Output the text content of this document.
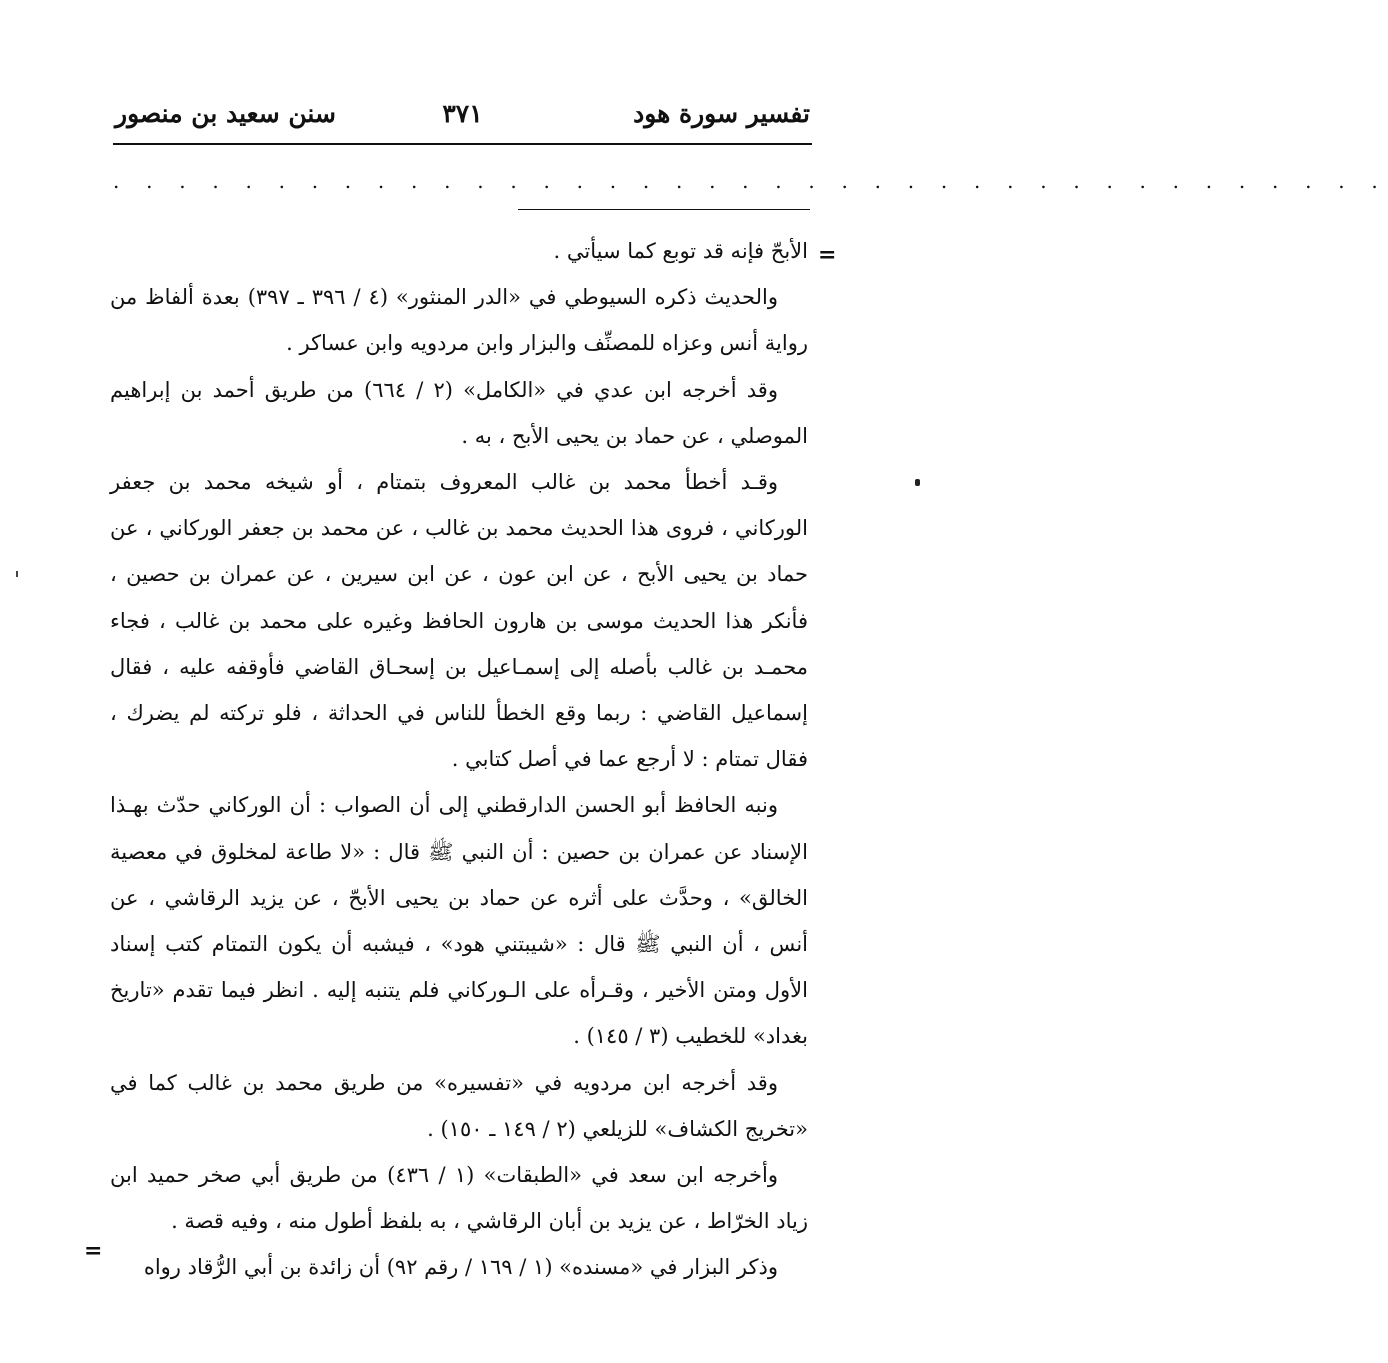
تفسير سورة هود
٣٧١
سنن سعيد بن منصور
. . . . . . . . . . . . . . . . . . . . . . . . . . . . . . . . . . . . . . .
=

الأبحّ فإنه قد توبع كما سيأتي .

والحديث ذكره السيوطي في «الدر المنثور» (٤ / ٣٩٦ ـ ٣٩٧) بعدة ألفاظ من رواية أنس وعزاه للمصنِّف والبزار وابن مردويه وابن عساكر .

وقد أخرجه ابن عدي في «الكامل» (٢ / ٦٦٤) من طريق أحمد بن إبراهيم الموصلي ، عن حماد بن يحيى الأبح ، به .

وقـد أخطأ محمد بن غالب المعروف بتمتام ، أو شيخه محمد بن جعفر الوركاني ، فروى هذا الحديث محمد بن غالب ، عن محمد بن جعفر الوركاني ، عن حماد بن يحيى الأبح ، عن ابن عون ، عن ابن سيرين ، عن عمران بن حصين ، فأنكر هذا الحديث موسى بن هارون الحافظ وغيره على محمد بن غالب ، فجاء محمـد بن غالب بأصله إلى إسمـاعيل بن إسحـاق القاضي فأوقفه عليه ، فقال إسماعيل القاضي : ربما وقع الخطأ للناس في الحداثة ، فلو تركته لم يضرك ، فقال تمتام : لا أرجع عما في أصل كتابي .

ونبه الحافظ أبو الحسن الدارقطني إلى أن الصواب : أن الوركاني حدّث بهـذا الإسناد عن عمران بن حصين : أن النبي ﷺ قال : «لا طاعة لمخلوق في معصية الخالق» ، وحدَّث على أثره عن حماد بن يحيى الأبحّ ، عن يزيد الرقاشي ، عن أنس ، أن النبي ﷺ قال : «شيبتني هود» ، فيشبه أن يكون التمتام كتب إسناد الأول ومتن الأخير ، وقـرأه على الـوركاني فلم يتنبه إليه . انظر فيما تقدم «تاريخ بغداد» للخطيب (٣ / ١٤٥) .

وقد أخرجه ابن مردويه في «تفسيره» من طريق محمد بن غالب كما في «تخريج الكشاف» للزيلعي (٢ / ١٤٩ ـ ١٥٠) .

وأخرجه ابن سعد في «الطبقات» (١ / ٤٣٦) من طريق أبي صخر حميد ابن زياد الخرّاط ، عن يزيد بن أبان الرقاشي ، به بلفظ أطول منه ، وفيه قصة .

وذكر البزار في «مسنده» (١ / ١٦٩ / رقم ٩٢) أن زائدة بن أبي الرُّقاد رواه

=
